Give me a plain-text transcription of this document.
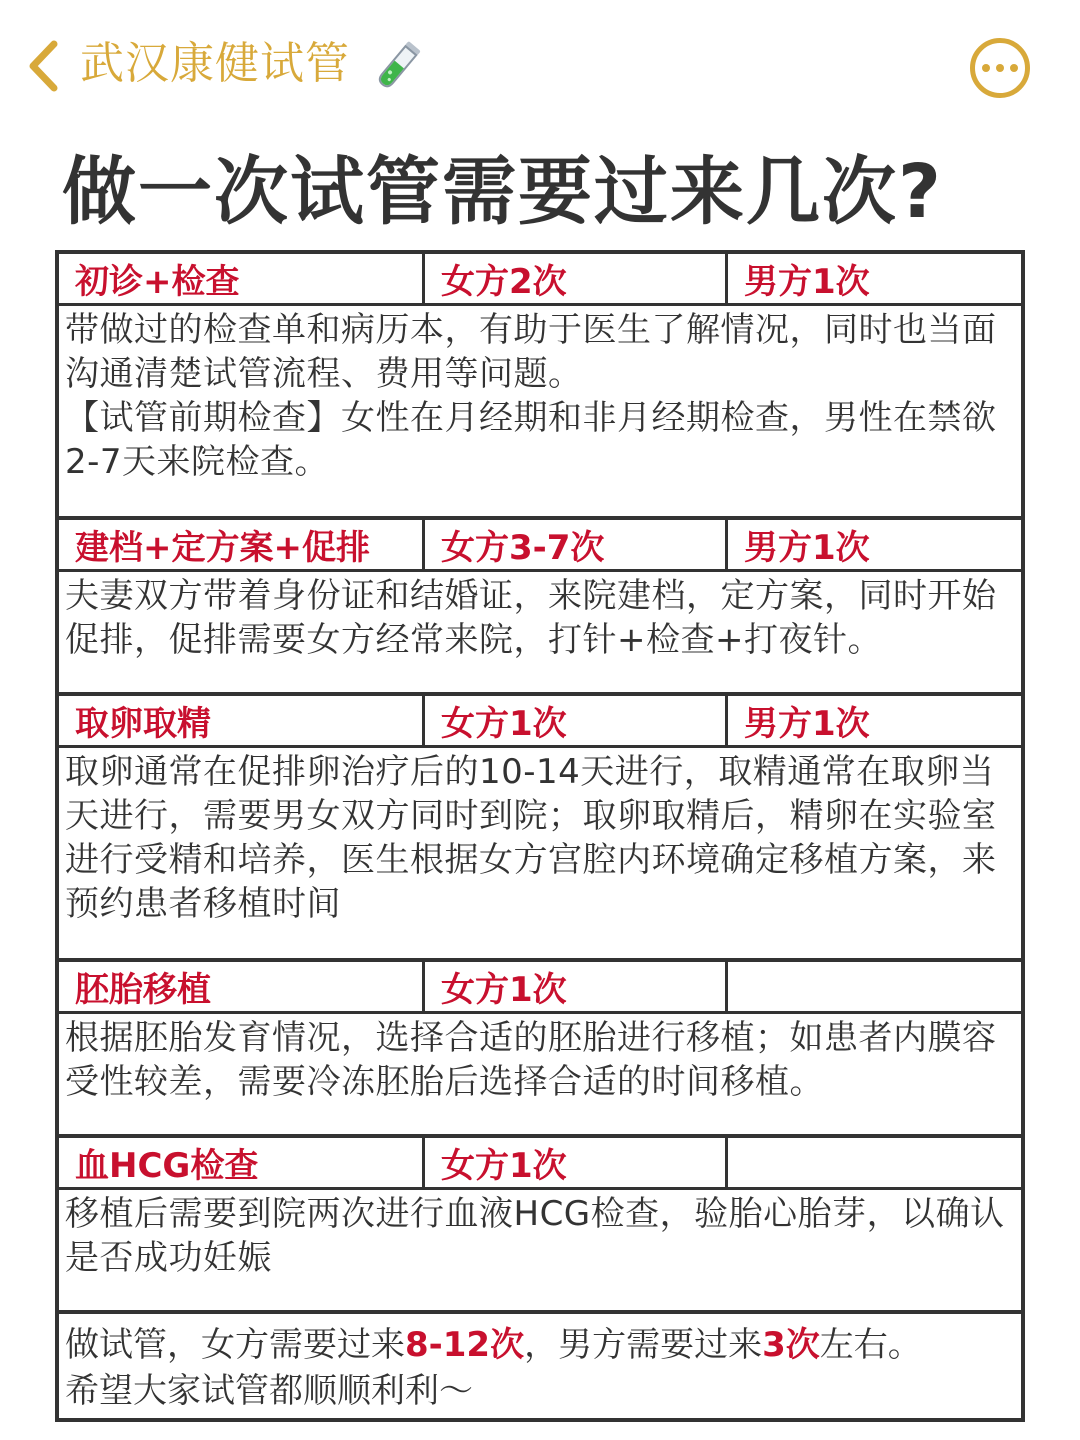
武汉康健试管
做一次试管需要过来几次?
初诊+检查	女方2次	男方1次

带做过的检查单和病历本，有助于医生了解情况，同时也当面沟通清楚试管流程、费用等问题。

【试管前期检查】女性在月经期和非月经期检查，男性在禁欲2-7天来院检查。

建档+定方案+促排	女方3-7次	男方1次

夫妻双方带着身份证和结婚证，来院建档，定方案，同时开始促排，促排需要女方经常来院，打针+检查+打夜针。

取卵取精	女方1次	男方1次

取卵通常在促排卵治疗后的10-14天进行，取精通常在取卵当天进行，需要男女双方同时到院；取卵取精后，精卵在实验室进行受精和培养，医生根据女方宫腔内环境确定移植方案，来预约患者移植时间

胚胎移植	女方1次

根据胚胎发育情况，选择合适的胚胎进行移植；如患者内膜容受性较差，需要冷冻胚胎后选择合适的时间移植。

血HCG检查	女方1次

移植后需要到院两次进行血液HCG检查，验胎心胎芽，以确认是否成功妊娠

做试管，女方需要过来8-12次，男方需要过来3次左右。

希望大家试管都顺顺利利～
